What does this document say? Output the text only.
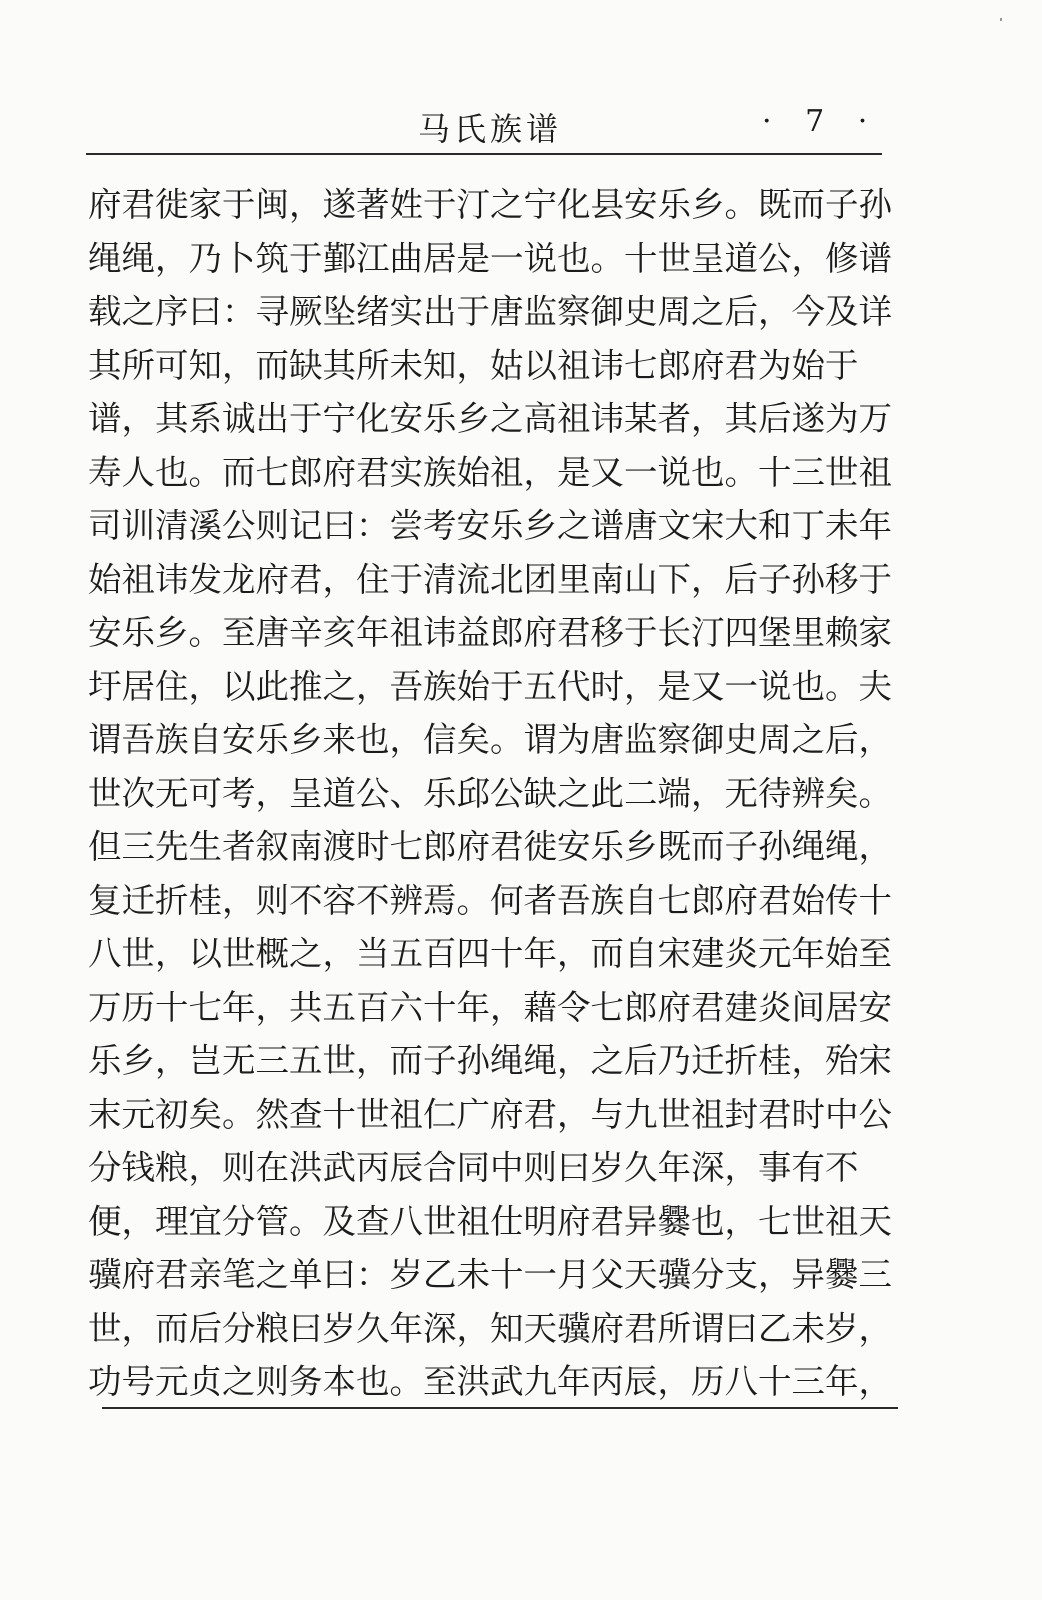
马氏族谱	· 7 ·
府君徙家于闽，遂著姓于汀之宁化县安乐乡。既而子孙
绳绳，乃卜筑于鄞江曲居是一说也。十世呈道公，修谱
载之序曰：寻厥坠绪实出于唐监察御史周之后，今及详
其所可知，而缺其所未知，姑以祖讳七郎府君为始于
谱，其系诚出于宁化安乐乡之高祖讳某者，其后遂为万
寿人也。而七郎府君实族始祖，是又一说也。十三世祖
司训清溪公则记曰：尝考安乐乡之谱唐文宋大和丁未年
始祖讳发龙府君，住于清流北团里南山下，后子孙移于
安乐乡。至唐辛亥年祖讳益郎府君移于长汀四堡里赖家
圩居住，以此推之，吾族始于五代时，是又一说也。夫
谓吾族自安乐乡来也，信矣。谓为唐监察御史周之后，
世次无可考，呈道公、乐邱公缺之此二端，无待辨矣。
但三先生者叙南渡时七郎府君徙安乐乡既而子孙绳绳，
复迁折桂，则不容不辨焉。何者吾族自七郎府君始传十
八世，以世概之，当五百四十年，而自宋建炎元年始至
万历十七年，共五百六十年，藉令七郎府君建炎间居安
乐乡，岂无三五世，而子孙绳绳，之后乃迁折桂，殆宋
末元初矣。然查十世祖仁广府君，与九世祖封君时中公
分钱粮，则在洪武丙辰合同中则曰岁久年深，事有不
便，理宜分管。及查八世祖仕明府君异爨也，七世祖天
骥府君亲笔之单曰：岁乙未十一月父天骥分支，异爨三
世，而后分粮曰岁久年深，知天骥府君所谓曰乙未岁，
功号元贞之则务本也。至洪武九年丙辰，历八十三年，
